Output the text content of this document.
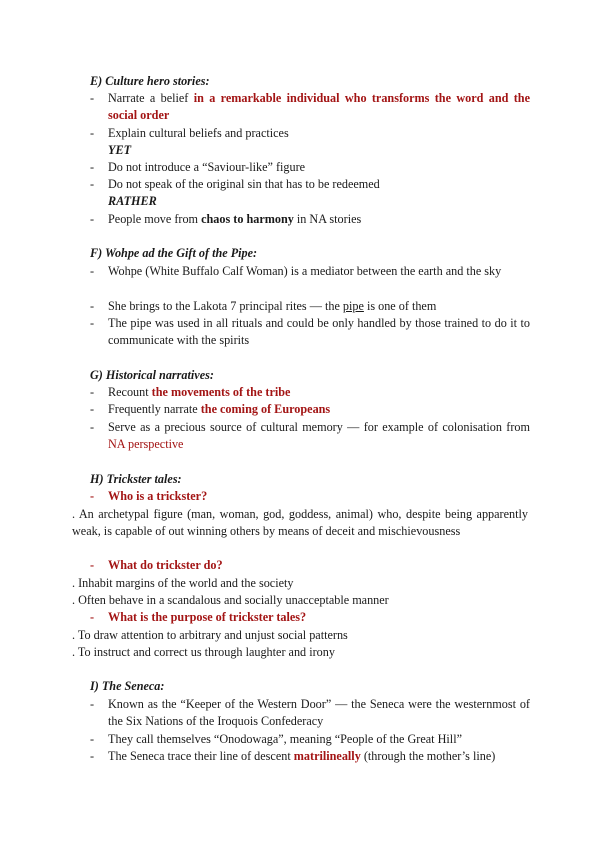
E) Culture hero stories:
- Narrate a belief in a remarkable individual who transforms the word and the social order
- Explain cultural beliefs and practices
YET
- Do not introduce a “Saviour-like” figure
- Do not speak of the original sin that has to be redeemed
RATHER
- People move from chaos to harmony in NA stories
F) Wohpe ad the Gift of the Pipe:
- Wohpe (White Buffalo Calf Woman) is a mediator between the earth and the sky
- She brings to the Lakota 7 principal rites — the pipe is one of them
- The pipe was used in all rituals and could be only handled by those trained to do it to communicate with the spirits
G) Historical narratives:
- Recount the movements of the tribe
- Frequently narrate the coming of Europeans
- Serve as a precious source of cultural memory — for example of colonisation from NA perspective
H) Trickster tales:
- Who is a trickster?
. An archetypal figure (man, woman, god, goddess, animal) who, despite being apparently weak, is capable of out winning others by means of deceit and mischievousness
- What do trickster do?
. Inhabit margins of the world and the society
. Often behave in a scandalous and socially unacceptable manner
- What is the purpose of trickster tales?
. To draw attention to arbitrary and unjust social patterns
. To instruct and correct us through laughter and irony
I) The Seneca:
- Known as the “Keeper of the Western Door” — the Seneca were the westernmost of the Six Nations of the Iroquois Confederacy
- They call themselves “Onodowaga”, meaning “People of the Great Hill”
- The Seneca trace their line of descent matrilineally (through the mother’s line)
